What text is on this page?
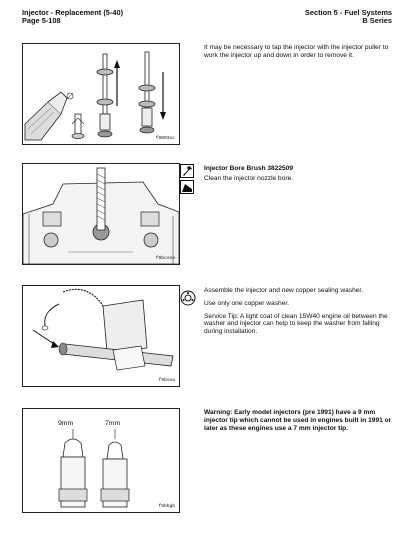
Injector - Replacement (5-40)
Page 5-108
Section 5 - Fuel Systems
B Series
f0003sc

It may be necessary to tap the injector with the injector puller to work the injector up and down in order to remove it.

f9bcsea

Injector Bore Brush 3822509

Clean the injector nozzle bore.

f9bsea

Assemble the injector and new copper sealing washer.

Use only one copper washer.

Service Tip: A light coat of clean 15W40 engine oil between the washer and injector can help to keep the washer from falling during installation.

9mm	7mm
f9bbgb

Warning: Early model injectors (pre 1991) have a 9 mm injector tip which cannot be used in engines built in 1991 or later as these engines use a 7 mm injector tip.
